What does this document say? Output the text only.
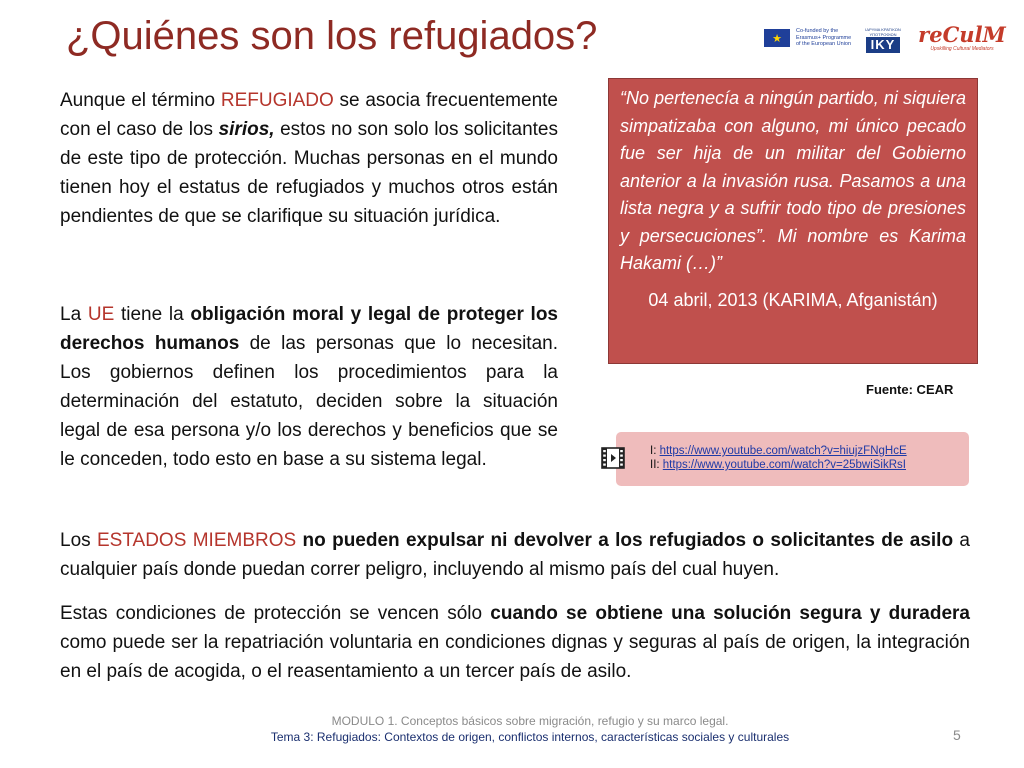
¿Quiénes son los refugiados?	★
Co-funded by the Erasmus+ Programme of the European Union
ΙΔΡΥΜΑ ΚΡΑΤΙΚΩΝ ΥΠΟΤΡΟΦΙΩΝ
IKY reCulM
Upskilling Cultural Mediators

Aunque el término REFUGIADO se asocia frecuentemente con el caso de los sirios, estos no son solo los solicitantes de este tipo de protección. Muchas personas en el mundo tienen hoy el estatus de refugiados y muchos otros están pendientes de que se clarifique su situación jurídica.

La UE tiene la obligación moral y legal de proteger los derechos humanos de las personas que lo necesitan. Los gobiernos definen los procedimientos para la determinación del estatuto, deciden sobre la situación legal de esa persona y/o los derechos y beneficios que se le conceden, todo esto en base a su sistema legal.

“No pertenecía a ningún partido, ni siquiera simpatizaba con alguno, mi único pecado fue ser hija de un militar del Gobierno anterior a la invasión rusa. Pasamos a una lista negra y a sufrir todo tipo de presiones y persecuciones”. Mi nombre es Karima Hakami (…)”

04 abril, 2013 (KARIMA, Afganistán)
Fuente: CEAR
I: https://www.youtube.com/watch?v=hiujzFNgHcE
II: https://www.youtube.com/watch?v=25bwiSikRsI

Los ESTADOS MIEMBROS no pueden expulsar ni devolver a los refugiados o solicitantes de asilo a cualquier país donde puedan correr peligro, incluyendo al mismo país del cual huyen.

Estas condiciones de protección se vencen sólo cuando se obtiene una solución segura y duradera como puede ser la repatriación voluntaria en condiciones dignas y seguras al país de origen, la integración en el país de acogida, o el reasentamiento a un tercer país de asilo.

MODULO 1. Conceptos básicos sobre migración, refugio y su marco legal.
Tema 3: Refugiados: Contextos de origen, conflictos internos, características sociales y culturales	5
